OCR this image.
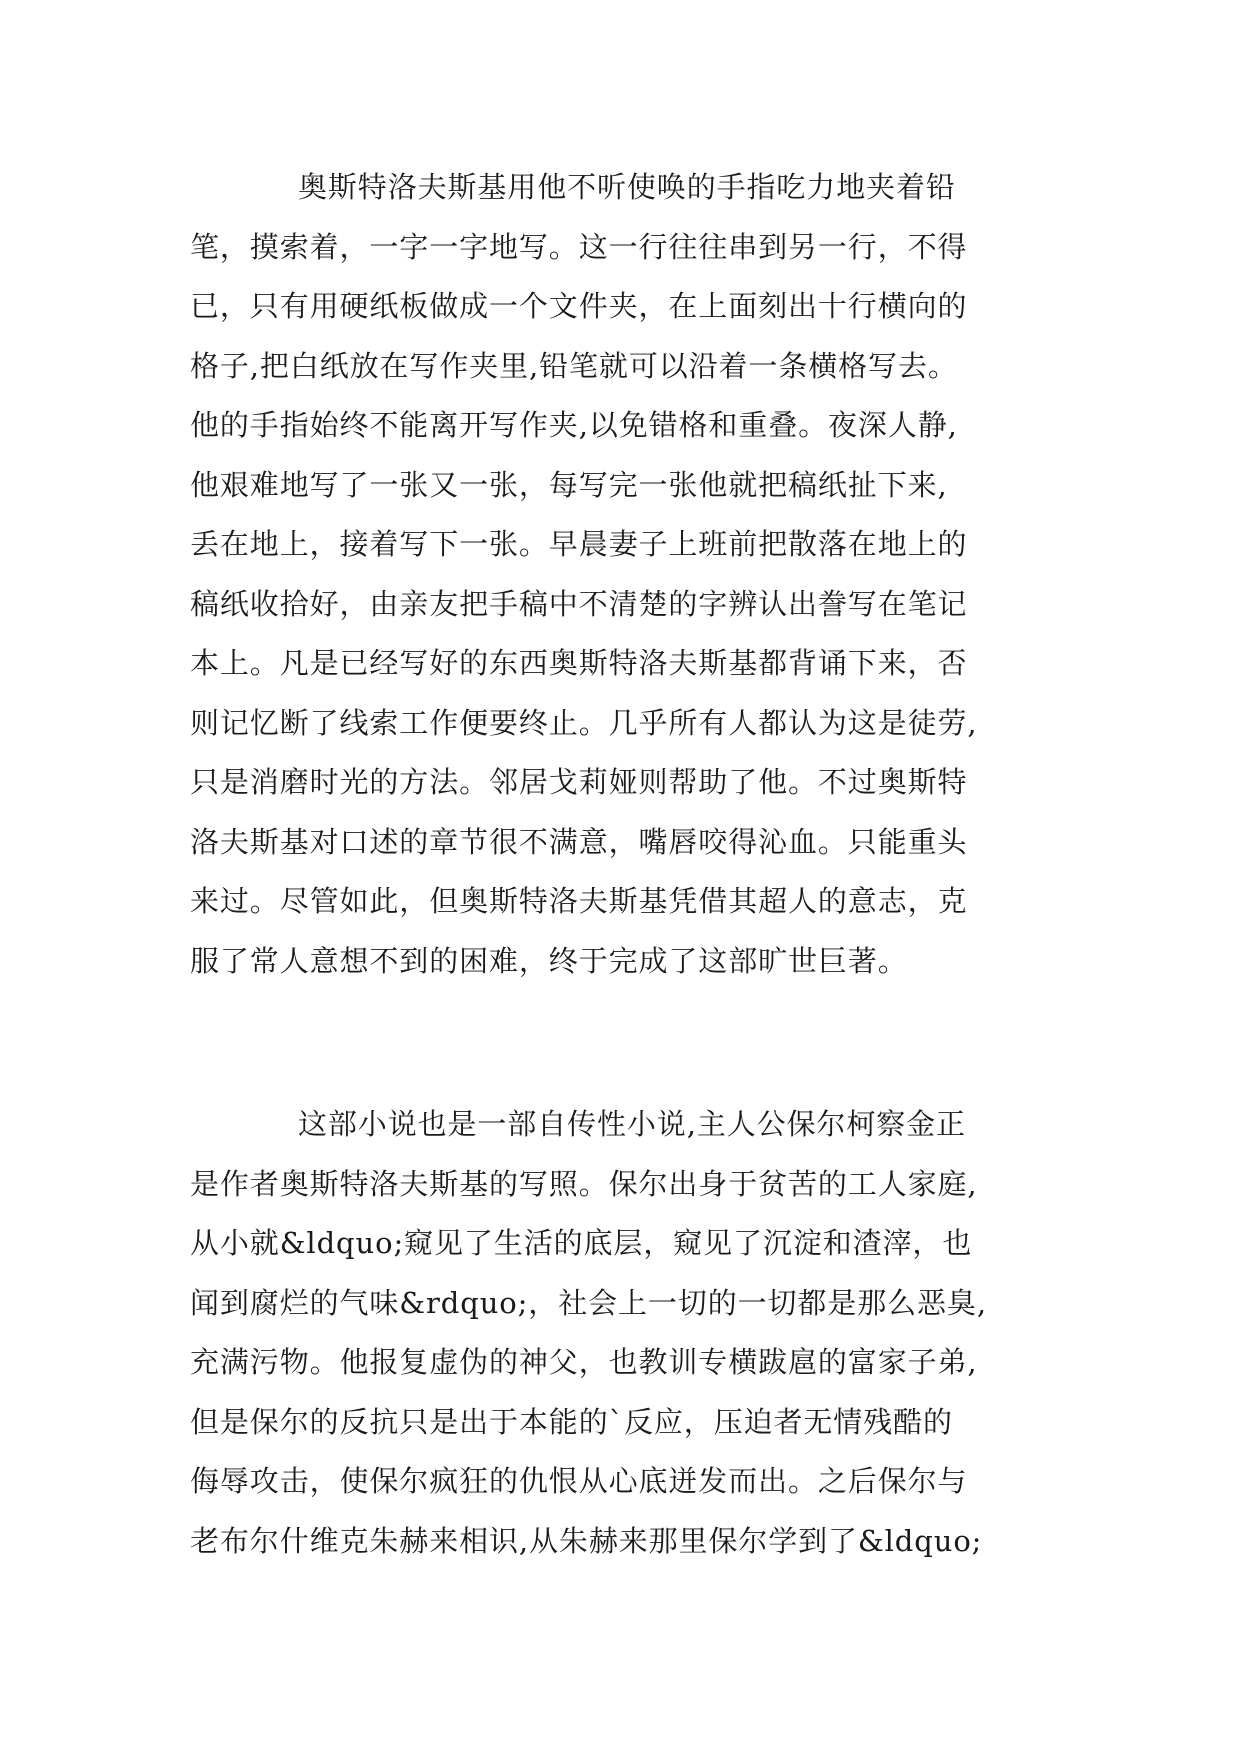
奥斯特洛夫斯基用他不听使唤的手指吃力地夹着铅
笔，摸索着，一字一字地写。这一行往往串到另一行，不得
已，只有用硬纸板做成一个文件夹，在上面刻出十行横向的
格子,把白纸放在写作夹里,铅笔就可以沿着一条横格写去。
他的手指始终不能离开写作夹,以免错格和重叠。夜深人静,
他艰难地写了一张又一张，每写完一张他就把稿纸扯下来,
丢在地上，接着写下一张。早晨妻子上班前把散落在地上的
稿纸收拾好，由亲友把手稿中不清楚的字辨认出誊写在笔记
本上。凡是已经写好的东西奥斯特洛夫斯基都背诵下来，否
则记忆断了线索工作便要终止。几乎所有人都认为这是徒劳,
只是消磨时光的方法。邻居戈莉娅则帮助了他。不过奥斯特
洛夫斯基对口述的章节很不满意，嘴唇咬得沁血。只能重头
来过。尽管如此，但奥斯特洛夫斯基凭借其超人的意志，克
服了常人意想不到的困难，终于完成了这部旷世巨著。
这部小说也是一部自传性小说,主人公保尔柯察金正
是作者奥斯特洛夫斯基的写照。保尔出身于贫苦的工人家庭,
从小就&ldquo;窥见了生活的底层，窥见了沉淀和渣滓，也
闻到腐烂的气味&rdquo;，社会上一切的一切都是那么恶臭,
充满污物。他报复虚伪的神父，也教训专横跋扈的富家子弟,
但是保尔的反抗只是出于本能的`反应，压迫者无情残酷的
侮辱攻击，使保尔疯狂的仇恨从心底迸发而出。之后保尔与
老布尔什维克朱赫来相识,从朱赫来那里保尔学到了&ldquo;
